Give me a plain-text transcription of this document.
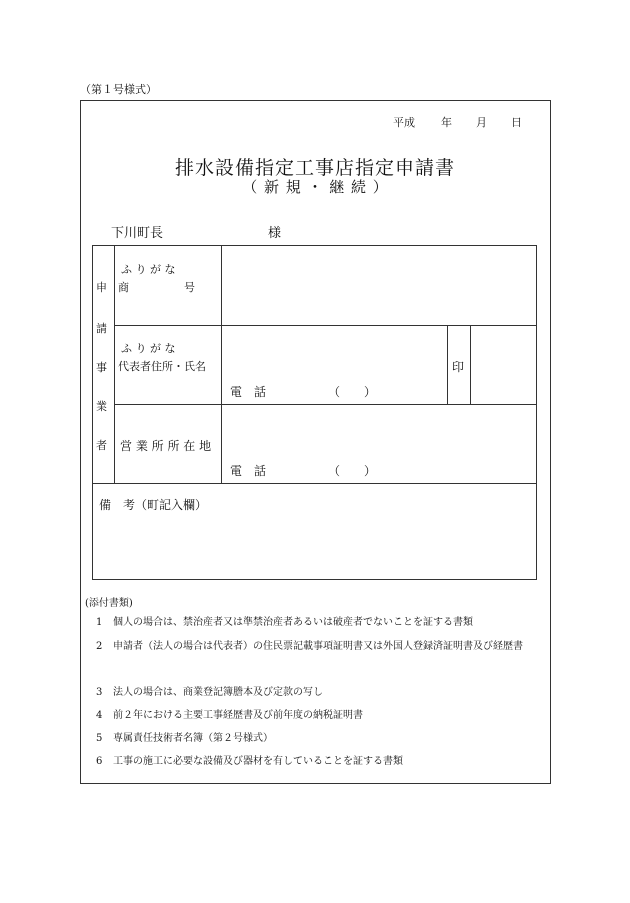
（第１号様式）
平成 年 月 日
排水設備指定工事店指定申請書
（ 新 規 ・ 継 続 ）
下川町長	様
申
請
事
業
者
ふ り が な
商　　　　　号
ふ り が な
代表者住所・氏名
電　話	（　　）
印
営 業 所 所 在 地
電　話	（　　）
備　考（町記入欄）
(添付書類)
1 個人の場合は、禁治産者又は準禁治産者あるいは破産者でないことを証する書類
2 申請者（法人の場合は代表者）の住民票記載事項証明書又は外国人登録済証明書及び経歴書
3 法人の場合は、商業登記簿謄本及び定款の写し
4 前２年における主要工事経歴書及び前年度の納税証明書
5 専属責任技術者名簿（第２号様式）
6 工事の施工に必要な設備及び器材を有していることを証する書類
